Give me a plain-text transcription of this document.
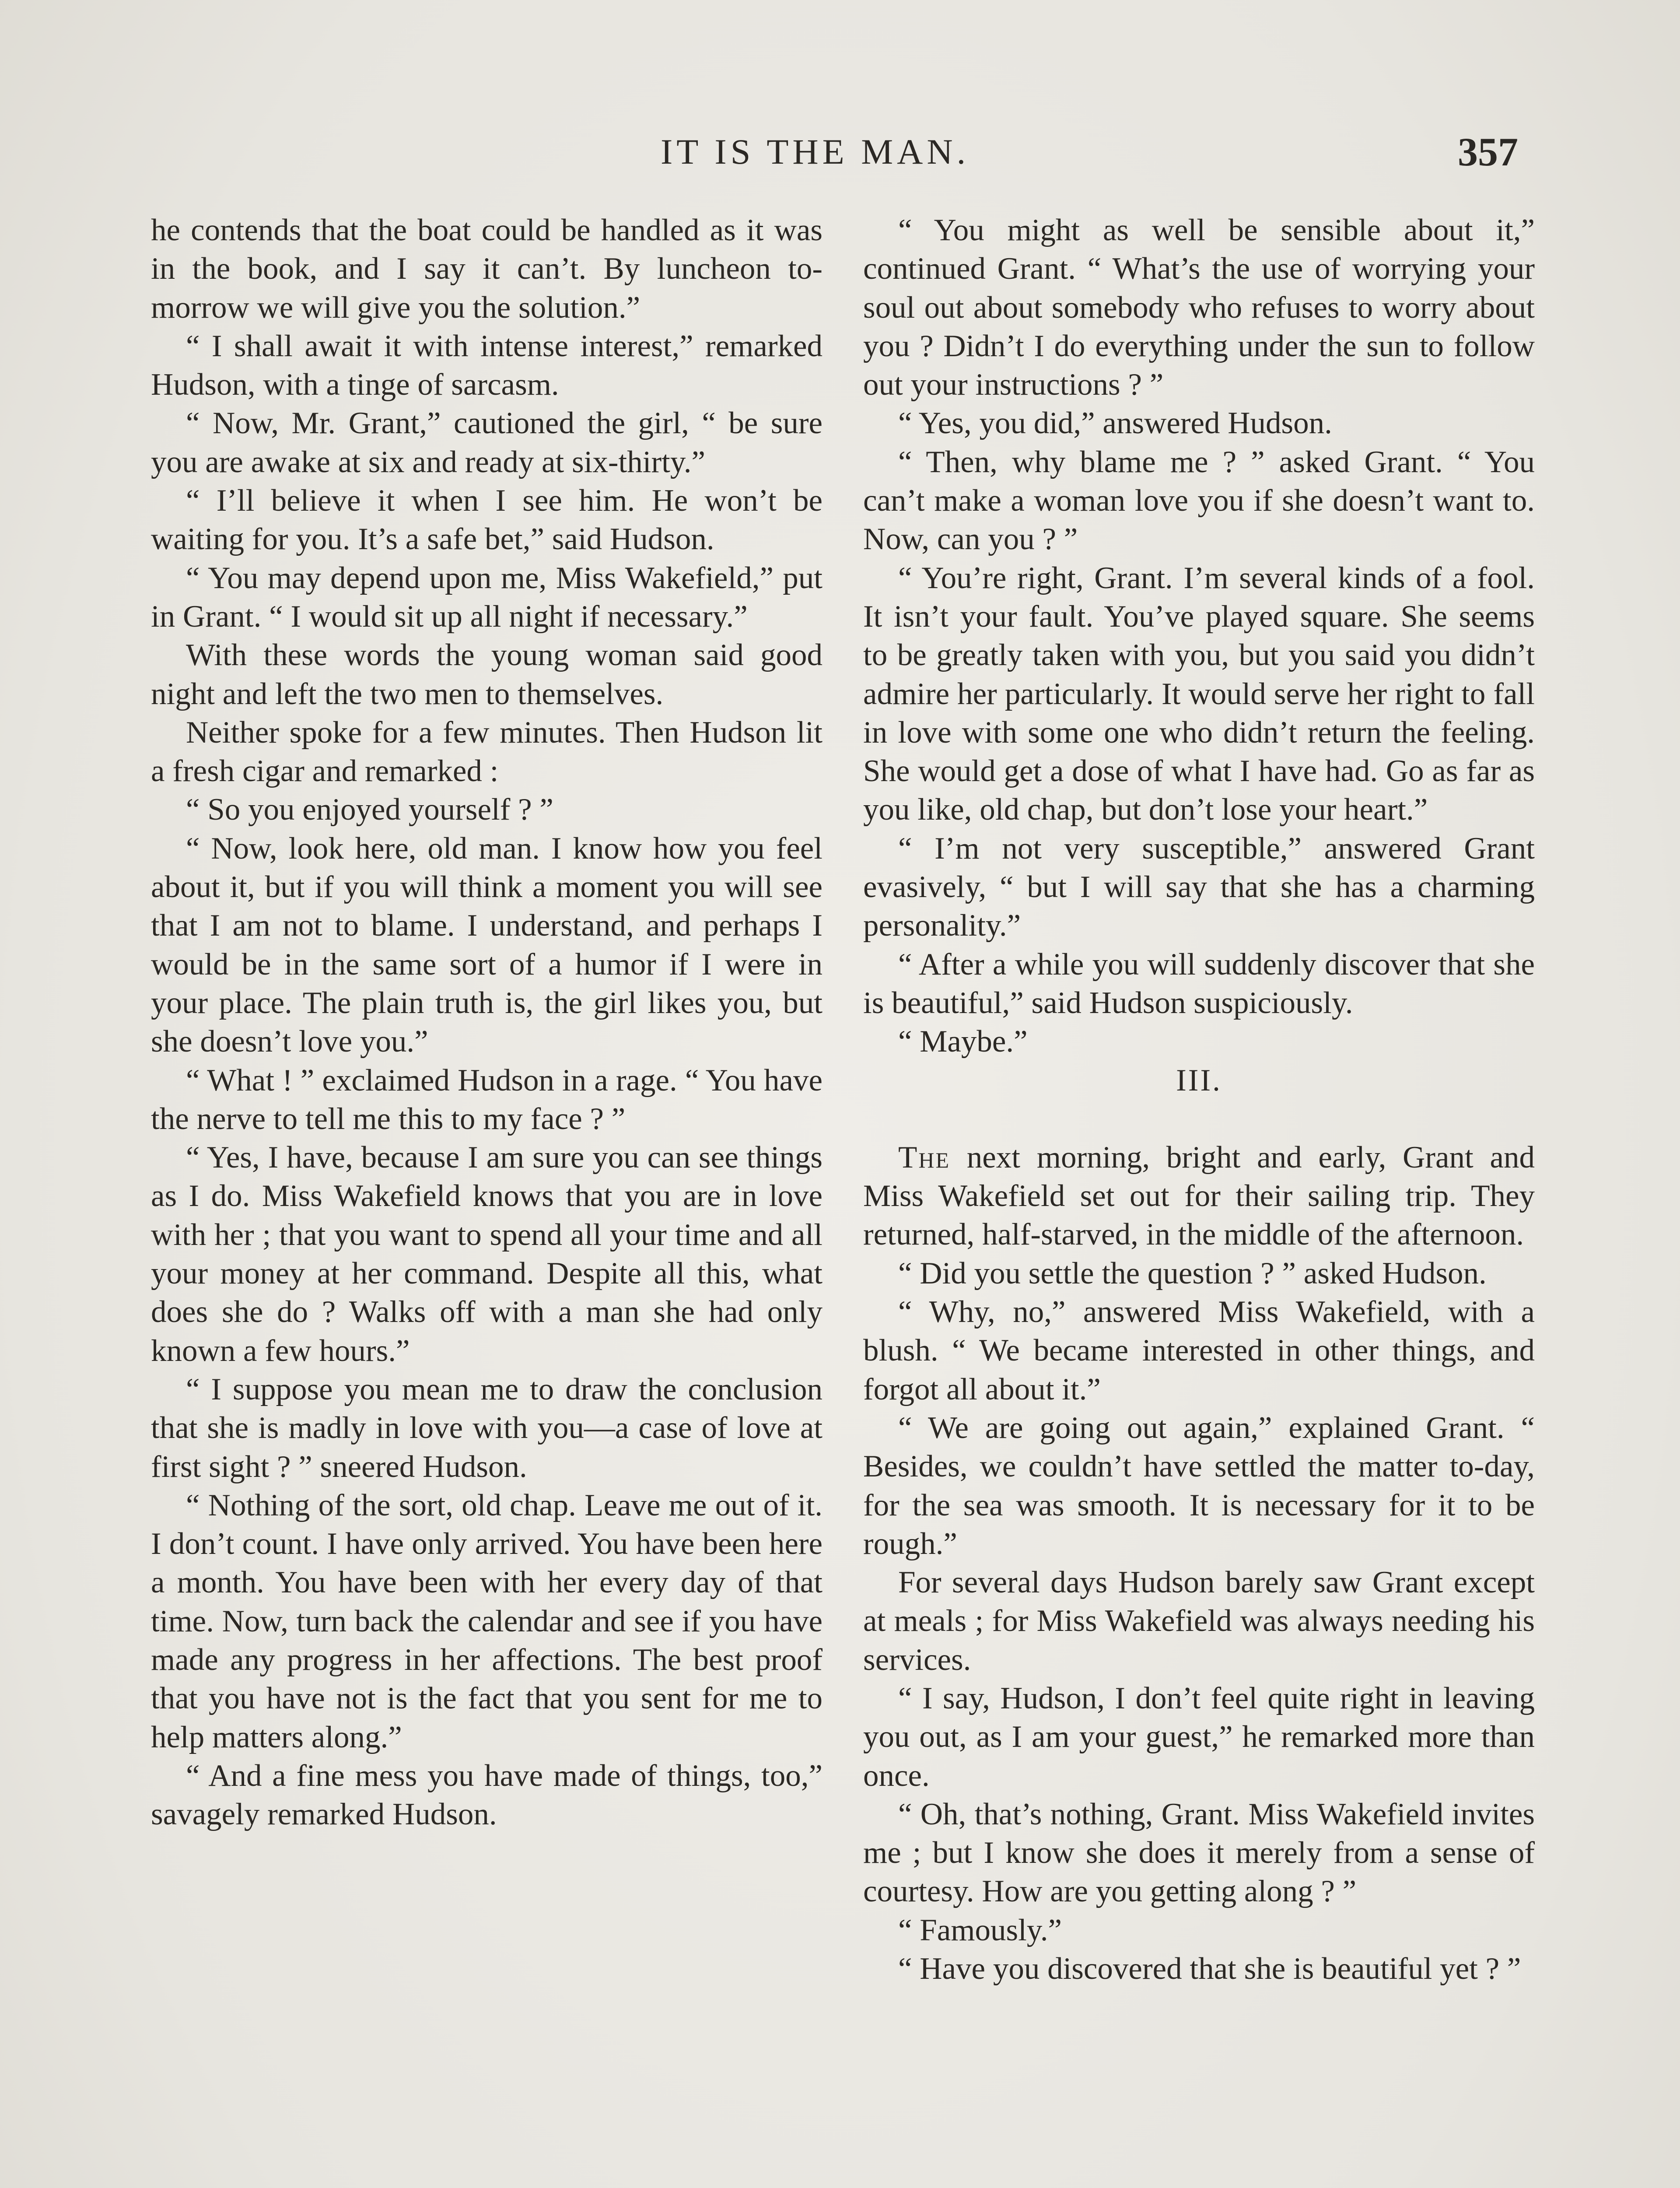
IT IS THE MAN.	357

he contends that the boat could be handled as it was in the book, and I say it can’t. By luncheon to-morrow we will give you the solution.”

“ I shall await it with intense interest,” remarked Hudson, with a tinge of sarcasm.

“ Now, Mr. Grant,” cautioned the girl, “ be sure you are awake at six and ready at six-thirty.”

“ I’ll believe it when I see him. He won’t be waiting for you. It’s a safe bet,” said Hudson.

“ You may depend upon me, Miss Wakefield,” put in Grant. “ I would sit up all night if necessary.”

With these words the young woman said good night and left the two men to themselves.

Neither spoke for a few minutes. Then Hudson lit a fresh cigar and remarked :

“ So you enjoyed yourself ? ”

“ Now, look here, old man. I know how you feel about it, but if you will think a moment you will see that I am not to blame. I understand, and perhaps I would be in the same sort of a humor if I were in your place. The plain truth is, the girl likes you, but she doesn’t love you.”

“ What ! ” exclaimed Hudson in a rage. “ You have the nerve to tell me this to my face ? ”

“ Yes, I have, because I am sure you can see things as I do. Miss Wakefield knows that you are in love with her ; that you want to spend all your time and all your money at her command. Despite all this, what does she do ? Walks off with a man she had only known a few hours.”

“ I suppose you mean me to draw the conclusion that she is madly in love with you—a case of love at first sight ? ” sneered Hudson.

“ Nothing of the sort, old chap. Leave me out of it. I don’t count. I have only arrived. You have been here a month. You have been with her every day of that time. Now, turn back the calendar and see if you have made any progress in her affections. The best proof that you have not is the fact that you sent for me to help matters along.”

“ And a fine mess you have made of things, too,” savagely remarked Hudson.

“ You might as well be sensible about it,” continued Grant. “ What’s the use of worrying your soul out about somebody who refuses to worry about you ? Didn’t I do everything under the sun to follow out your instructions ? ”

“ Yes, you did,” answered Hudson.

“ Then, why blame me ? ” asked Grant. “ You can’t make a woman love you if she doesn’t want to. Now, can you ? ”

“ You’re right, Grant. I’m several kinds of a fool. It isn’t your fault. You’ve played square. She seems to be greatly taken with you, but you said you didn’t admire her particularly. It would serve her right to fall in love with some one who didn’t return the feeling. She would get a dose of what I have had. Go as far as you like, old chap, but don’t lose your heart.”

“ I’m not very susceptible,” answered Grant evasively, “ but I will say that she has a charming personality.”

“ After a while you will suddenly discover that she is beautiful,” said Hudson suspiciously.

“ Maybe.”

III.

The next morning, bright and early, Grant and Miss Wakefield set out for their sailing trip. They returned, half-starved, in the middle of the afternoon.

“ Did you settle the question ? ” asked Hudson.

“ Why, no,” answered Miss Wakefield, with a blush. “ We became interested in other things, and forgot all about it.”

“ We are going out again,” explained Grant. “ Besides, we couldn’t have settled the matter to-day, for the sea was smooth. It is necessary for it to be rough.”

For several days Hudson barely saw Grant except at meals ; for Miss Wakefield was always needing his services.

“ I say, Hudson, I don’t feel quite right in leaving you out, as I am your guest,” he remarked more than once.

“ Oh, that’s nothing, Grant. Miss Wakefield invites me ; but I know she does it merely from a sense of courtesy. How are you getting along ? ”

“ Famously.”

“ Have you discovered that she is beautiful yet ? ”
